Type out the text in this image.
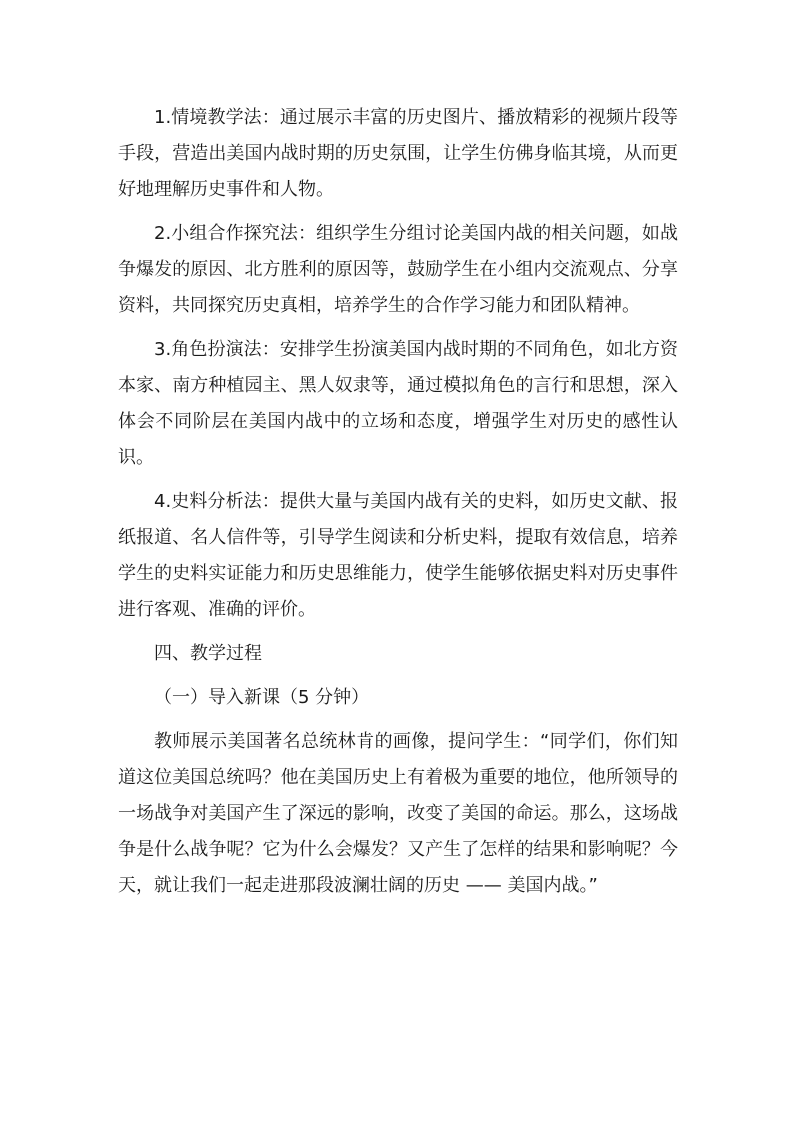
1.情境教学法：通过展示丰富的历史图片、播放精彩的视频片段等手段，营造出美国内战时期的历史氛围，让学生仿佛身临其境，从而更好地理解历史事件和人物。

2.小组合作探究法：组织学生分组讨论美国内战的相关问题，如战争爆发的原因、北方胜利的原因等，鼓励学生在小组内交流观点、分享资料，共同探究历史真相，培养学生的合作学习能力和团队精神。

3.角色扮演法：安排学生扮演美国内战时期的不同角色，如北方资本家、南方种植园主、黑人奴隶等，通过模拟角色的言行和思想，深入体会不同阶层在美国内战中的立场和态度，增强学生对历史的感性认识。

4.史料分析法：提供大量与美国内战有关的史料，如历史文献、报纸报道、名人信件等，引导学生阅读和分析史料，提取有效信息，培养学生的史料实证能力和历史思维能力，使学生能够依据史料对历史事件进行客观、准确的评价。

四、教学过程

（一）导入新课（5 分钟）

教师展示美国著名总统林肯的画像，提问学生：“同学们，你们知道这位美国总统吗？他在美国历史上有着极为重要的地位，他所领导的一场战争对美国产生了深远的影响，改变了美国的命运。那么，这场战争是什么战争呢？它为什么会爆发？又产生了怎样的结果和影响呢？今天，就让我们一起走进那段波澜壮阔的历史 —— 美国内战。”
